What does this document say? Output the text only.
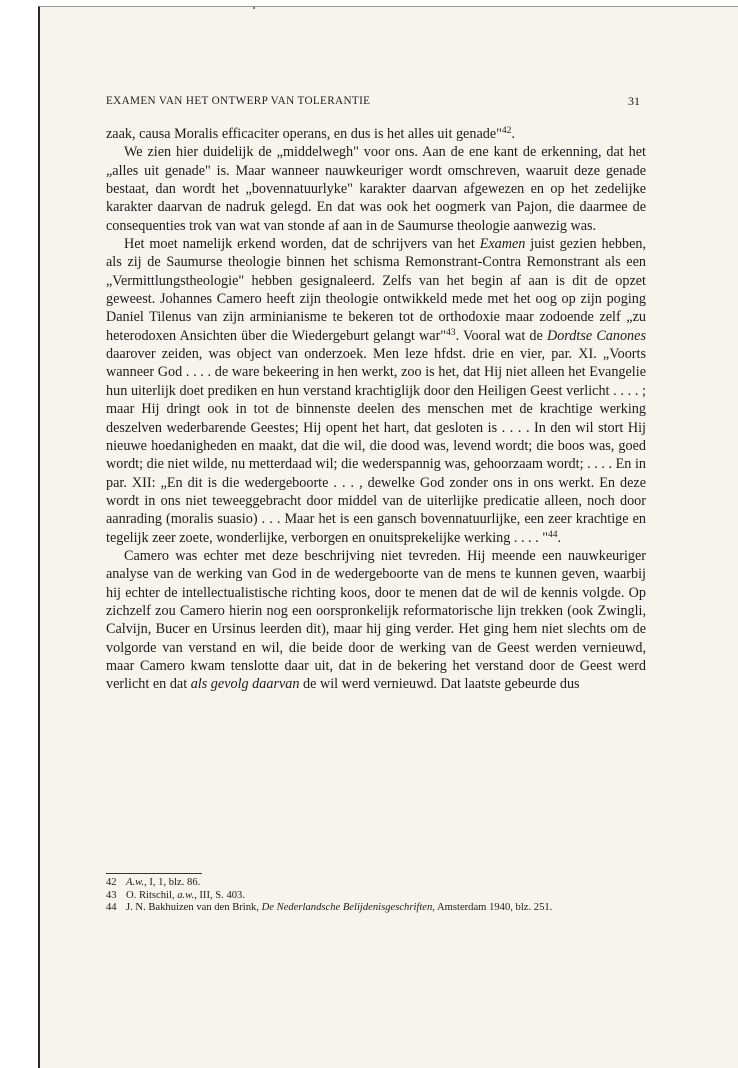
EXAMEN VAN HET ONTWERP VAN TOLERANTIE	31

zaak, causa Moralis efficaciter operans, en dus is het alles uit genade"$^{42}$.

We zien hier duidelijk de „middelwegh" voor ons. Aan de ene kant de erkenning, dat het „alles uit genade" is. Maar wanneer nauwkeuriger wordt omschreven, waaruit deze genade bestaat, dan wordt het „bovennatuurlyke" karakter daarvan afgewezen en op het zedelijke karakter daarvan de nadruk gelegd. En dat was ook het oogmerk van Pajon, die daarmee de consequenties trok van wat van stonde af aan in de Saumurse theologie aanwezig was.

Het moet namelijk erkend worden, dat de schrijvers van het Examen juist gezien hebben, als zij de Saumurse theologie binnen het schisma Remonstrant-Contra Remonstrant als een „Vermittlungstheologie" hebben gesignaleerd. Zelfs van het begin af aan is dit de opzet geweest. Johannes Camero heeft zijn theologie ontwikkeld mede met het oog op zijn poging Daniel Tilenus van zijn arminianisme te bekeren tot de orthodoxie maar zodoende zelf „zu heterodoxen Ansichten über die Wiedergeburt gelangt war"$^{43}$. Vooral wat de Dordtse Canones daarover zeiden, was object van onderzoek. Men leze hfdst. drie en vier, par. XI. „Voorts wanneer God . . . . de ware bekeering in hen werkt, zoo is het, dat Hij niet alleen het Evangelie hun uiterlijk doet prediken en hun verstand krachtiglijk door den Heiligen Geest verlicht . . . . ; maar Hij dringt ook in tot de binnenste deelen des menschen met de krachtige werking deszelven wederbarende Geestes; Hij opent het hart, dat gesloten is . . . . In den wil stort Hij nieuwe hoedanigheden en maakt, dat die wil, die dood was, levend wordt; die boos was, goed wordt; die niet wilde, nu metterdaad wil; die wederspannig was, gehoorzaam wordt; . . . . En in par. XII: „En dit is die wedergeboorte . . . , dewelke God zonder ons in ons werkt. En deze wordt in ons niet teweeggebracht door middel van de uiterlijke predicatie alleen, noch door aanrading (moralis suasio) . . . Maar het is een gansch bovennatuurlijke, een zeer krachtige en tegelijk zeer zoete, wonderlijke, verborgen en onuitsprekelijke werking . . . . "$^{44}$.

Camero was echter met deze beschrijving niet tevreden. Hij meende een nauwkeuriger analyse van de werking van God in de wedergeboorte van de mens te kunnen geven, waarbij hij echter de intellectualistische richting koos, door te menen dat de wil de kennis volgde. Op zichzelf zou Camero hierin nog een oorspronkelijk reformatorische lijn trekken (ook Zwingli, Calvijn, Bucer en Ursinus leerden dit), maar hij ging verder. Het ging hem niet slechts om de volgorde van verstand en wil, die beide door de werking van de Geest werden vernieuwd, maar Camero kwam tenslotte daar uit, dat in de bekering het verstand door de Geest werd verlicht en dat als gevolg daarvan de wil werd vernieuwd. Dat laatste gebeurde dus

42 A.w., I, 1, blz. 86.
43 O. Ritschil, a.w., III, S. 403.
44 J. N. Bakhuizen van den Brink, De Nederlandsche Belijdenisgeschriften, Amsterdam 1940, blz. 251.
